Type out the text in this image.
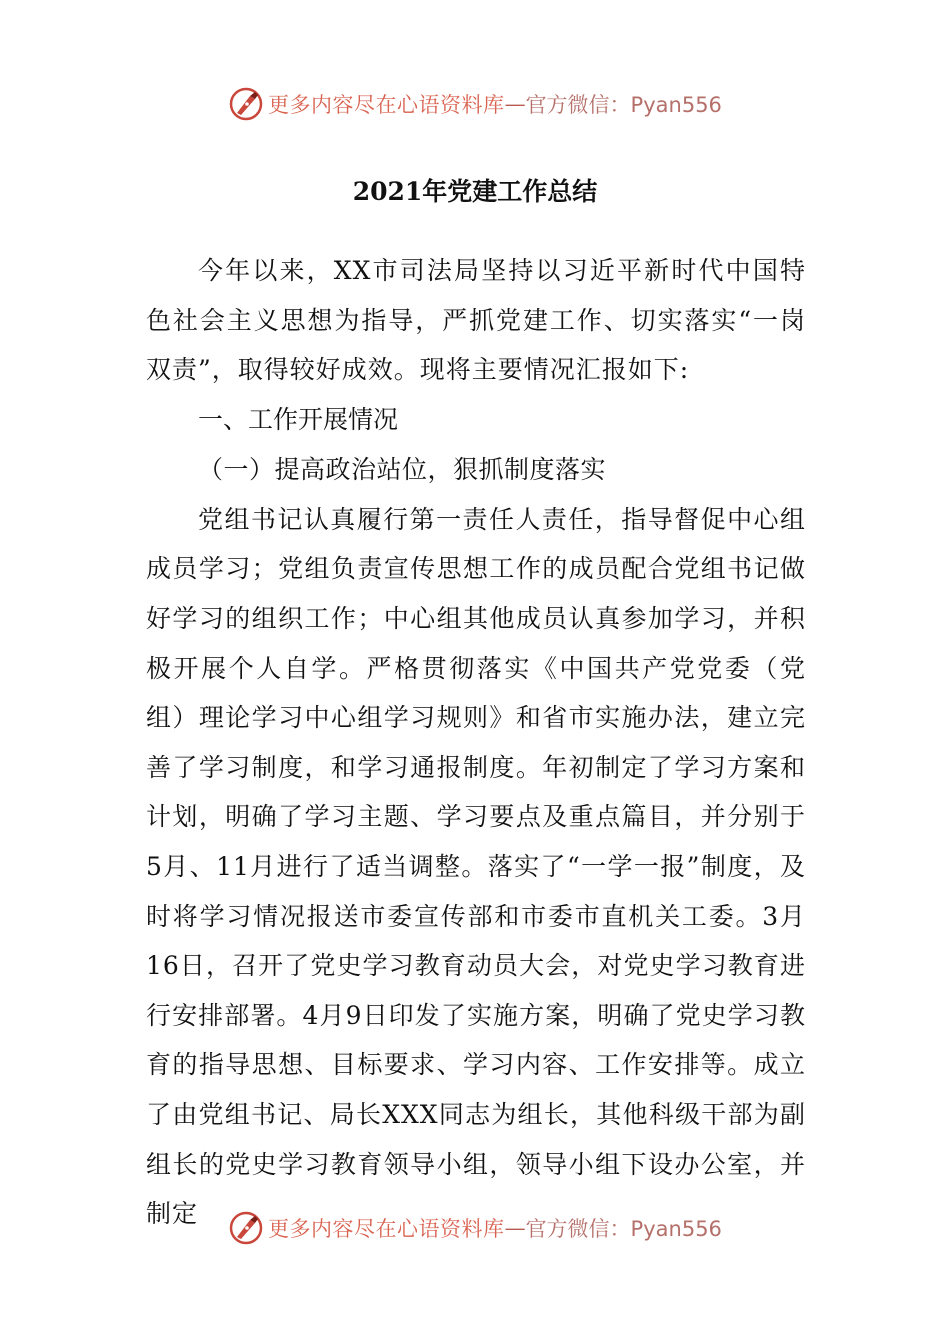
更多内容尽在心语资料库 — 官方微信：Pyan556
2021年党建工作总结

今年以来，XX市司法局坚持以习近平新时代中国特色社会主义思想为指导，严抓党建工作、切实落实“一岗双责”，取得较好成效。现将主要情况汇报如下:

一、工作开展情况

（一）提高政治站位，狠抓制度落实

党组书记认真履行第一责任人责任，指导督促中心组成员学习；党组负责宣传思想工作的成员配合党组书记做好学习的组织工作；中心组其他成员认真参加学习，并积极开展个人自学。严格贯彻落实《中国共产党党委（党组）理论学习中心组学习规则》和省市实施办法，建立完善了学习制度，和学习通报制度。年初制定了学习方案和计划，明确了学习主题、学习要点及重点篇目，并分别于5月、11月进行了适当调整。落实了“一学一报”制度，及时将学习情况报送市委宣传部和市委市直机关工委。3月16日，召开了党史学习教育动员大会，对党史学习教育进行安排部署。4月9日印发了实施方案，明确了党史学习教育的指导思想、目标要求、学习内容、工作安排等。成立了由党组书记、局长XXX同志为组长，其他科级干部为副组长的党史学习教育领导小组，领导小组下设办公室，并制定

更多内容尽在心语资料库 — 官方微信：Pyan556
